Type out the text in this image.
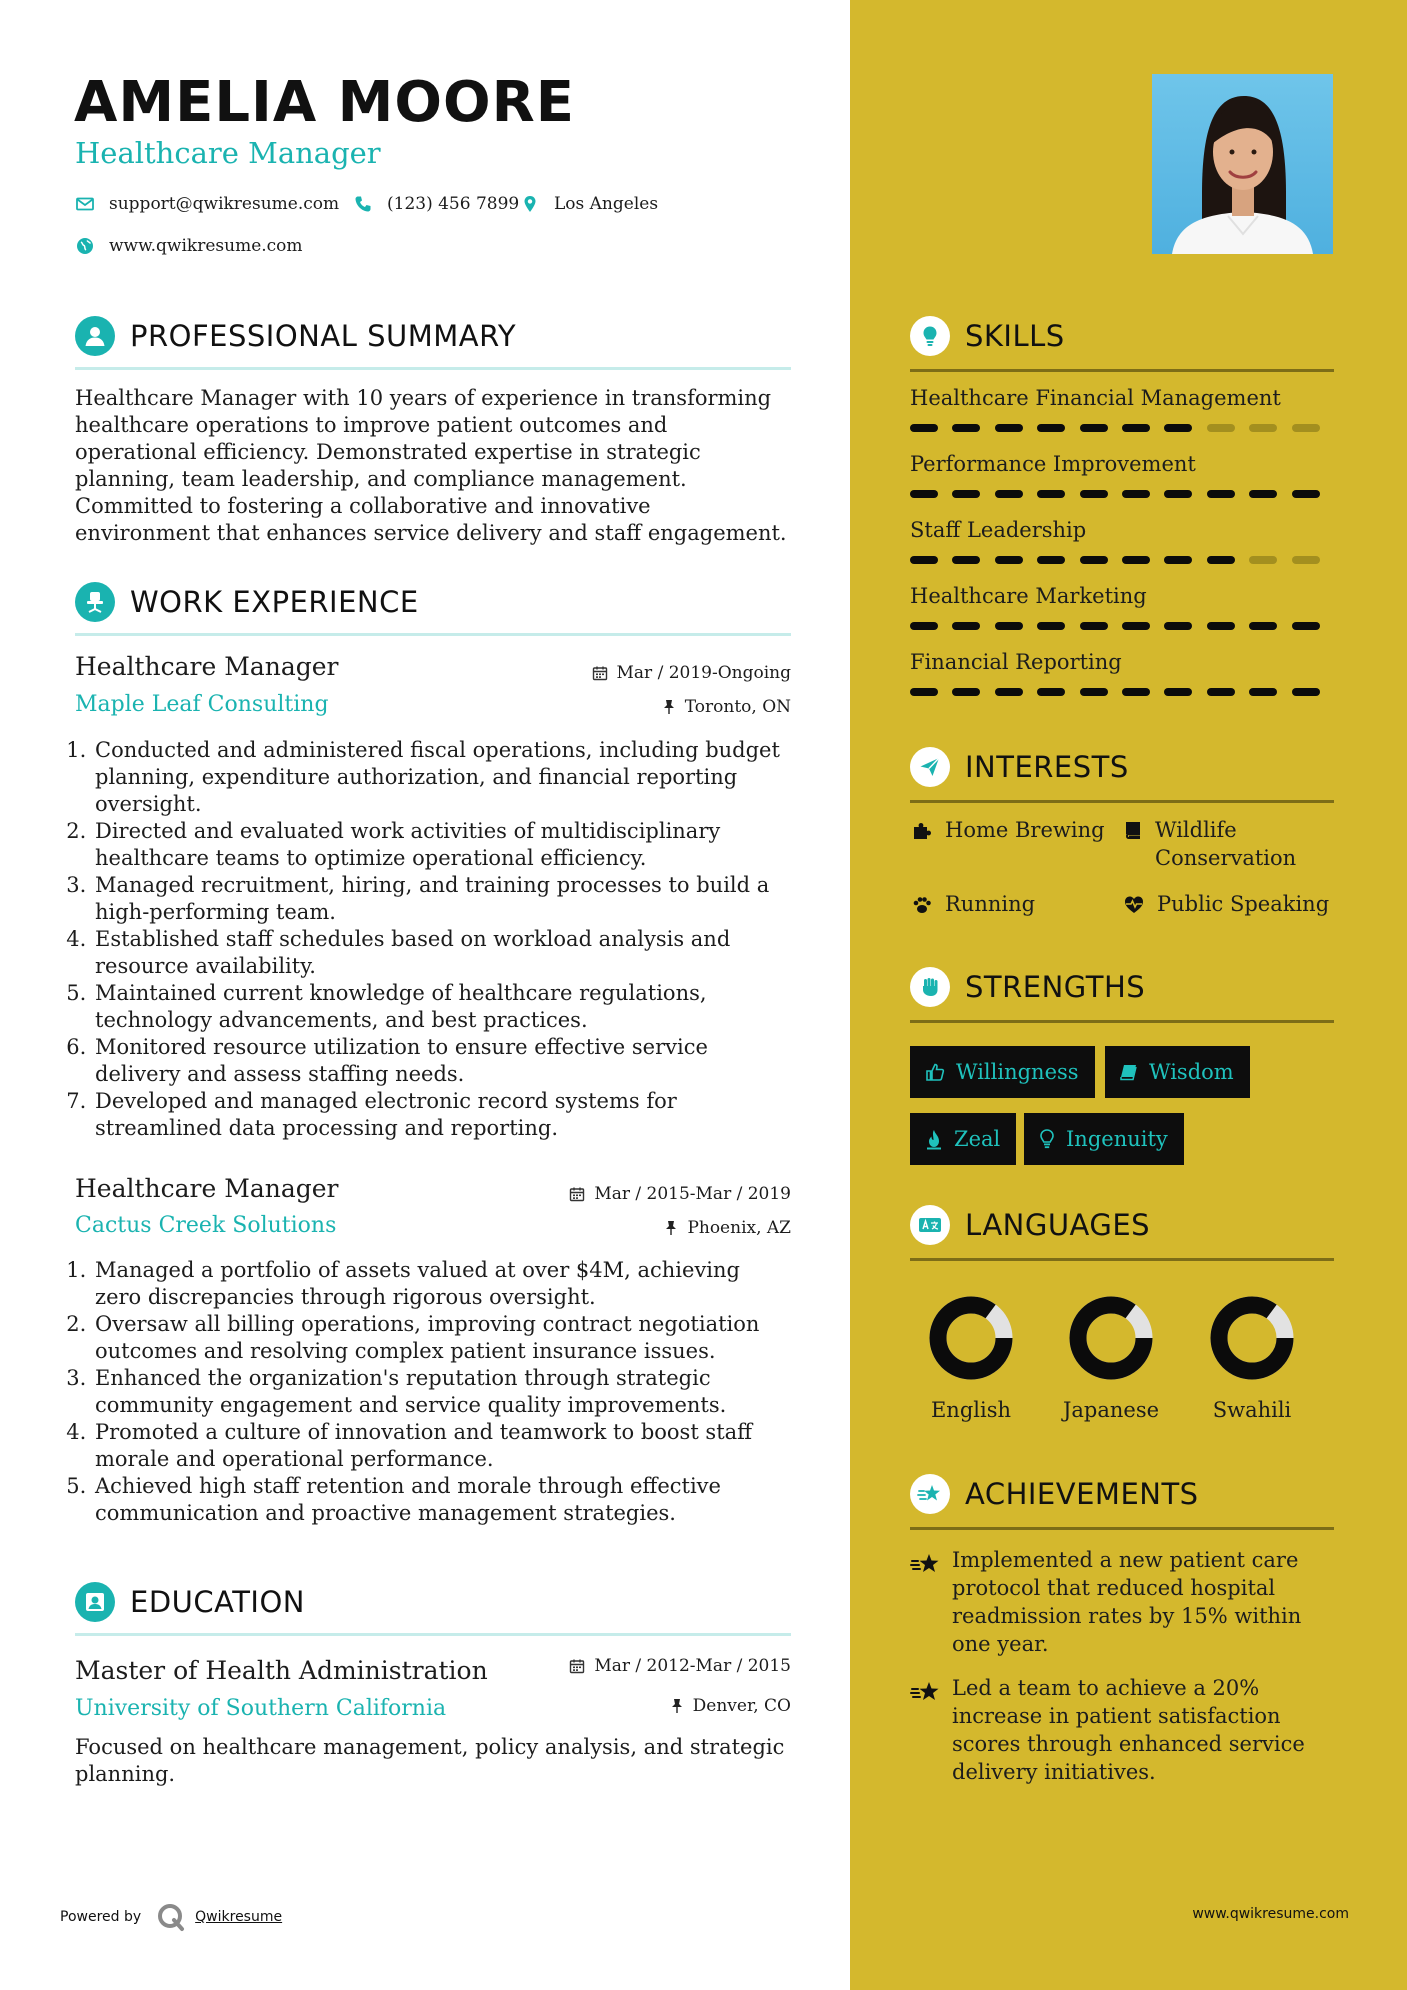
AMELIA MOORE
Healthcare Manager
support@qwikresume.com	(123) 456 7899 Los Angeles
www.qwikresume.com
PROFESSIONAL SUMMARY
Healthcare Manager with 10 years of experience in transforming healthcare operations to improve patient outcomes and operational efficiency. Demonstrated expertise in strategic planning, team leadership, and compliance management. Committed to fostering a collaborative and innovative environment that enhances service delivery and staff engagement.
WORK EXPERIENCE
Healthcare Manager
Maple Leaf Consulting
Mar / 2019-Ongoing
Toronto, ON
1. Conducted and administered fiscal operations, including budget planning, expenditure authorization, and financial reporting oversight.
2. Directed and evaluated work activities of multidisciplinary healthcare teams to optimize operational efficiency.
3. Managed recruitment, hiring, and training processes to build a high-performing team.
4. Established staff schedules based on workload analysis and resource availability.
5. Maintained current knowledge of healthcare regulations, technology advancements, and best practices.
6. Monitored resource utilization to ensure effective service delivery and assess staffing needs.
7. Developed and managed electronic record systems for streamlined data processing and reporting.
Healthcare Manager
Cactus Creek Solutions
Mar / 2015-Mar / 2019
Phoenix, AZ
1. Managed a portfolio of assets valued at over $4M, achieving zero discrepancies through rigorous oversight.
2. Oversaw all billing operations, improving contract negotiation outcomes and resolving complex patient insurance issues.
3. Enhanced the organization's reputation through strategic community engagement and service quality improvements.
4. Promoted a culture of innovation and teamwork to boost staff morale and operational performance.
5. Achieved high staff retention and morale through effective communication and proactive management strategies.
EDUCATION
Master of Health Administration
University of Southern California
Mar / 2012-Mar / 2015
Denver, CO
Focused on healthcare management, policy analysis, and strategic planning.
Powered by	Qwikresume
SKILLS
Healthcare Financial Management
Performance Improvement
Staff Leadership
Healthcare Marketing
Financial Reporting
INTERESTS
Home Brewing Wildlife Conservation
Running	Public Speaking
STRENGTHS
Willingness	Wisdom
Zeal	Ingenuity
LANGUAGES
English	Japanese	Swahili
ACHIEVEMENTS
Implemented a new patient care protocol that reduced hospital readmission rates by 15% within one year.
Led a team to achieve a 20% increase in patient satisfaction scores through enhanced service delivery initiatives.
www.qwikresume.com
